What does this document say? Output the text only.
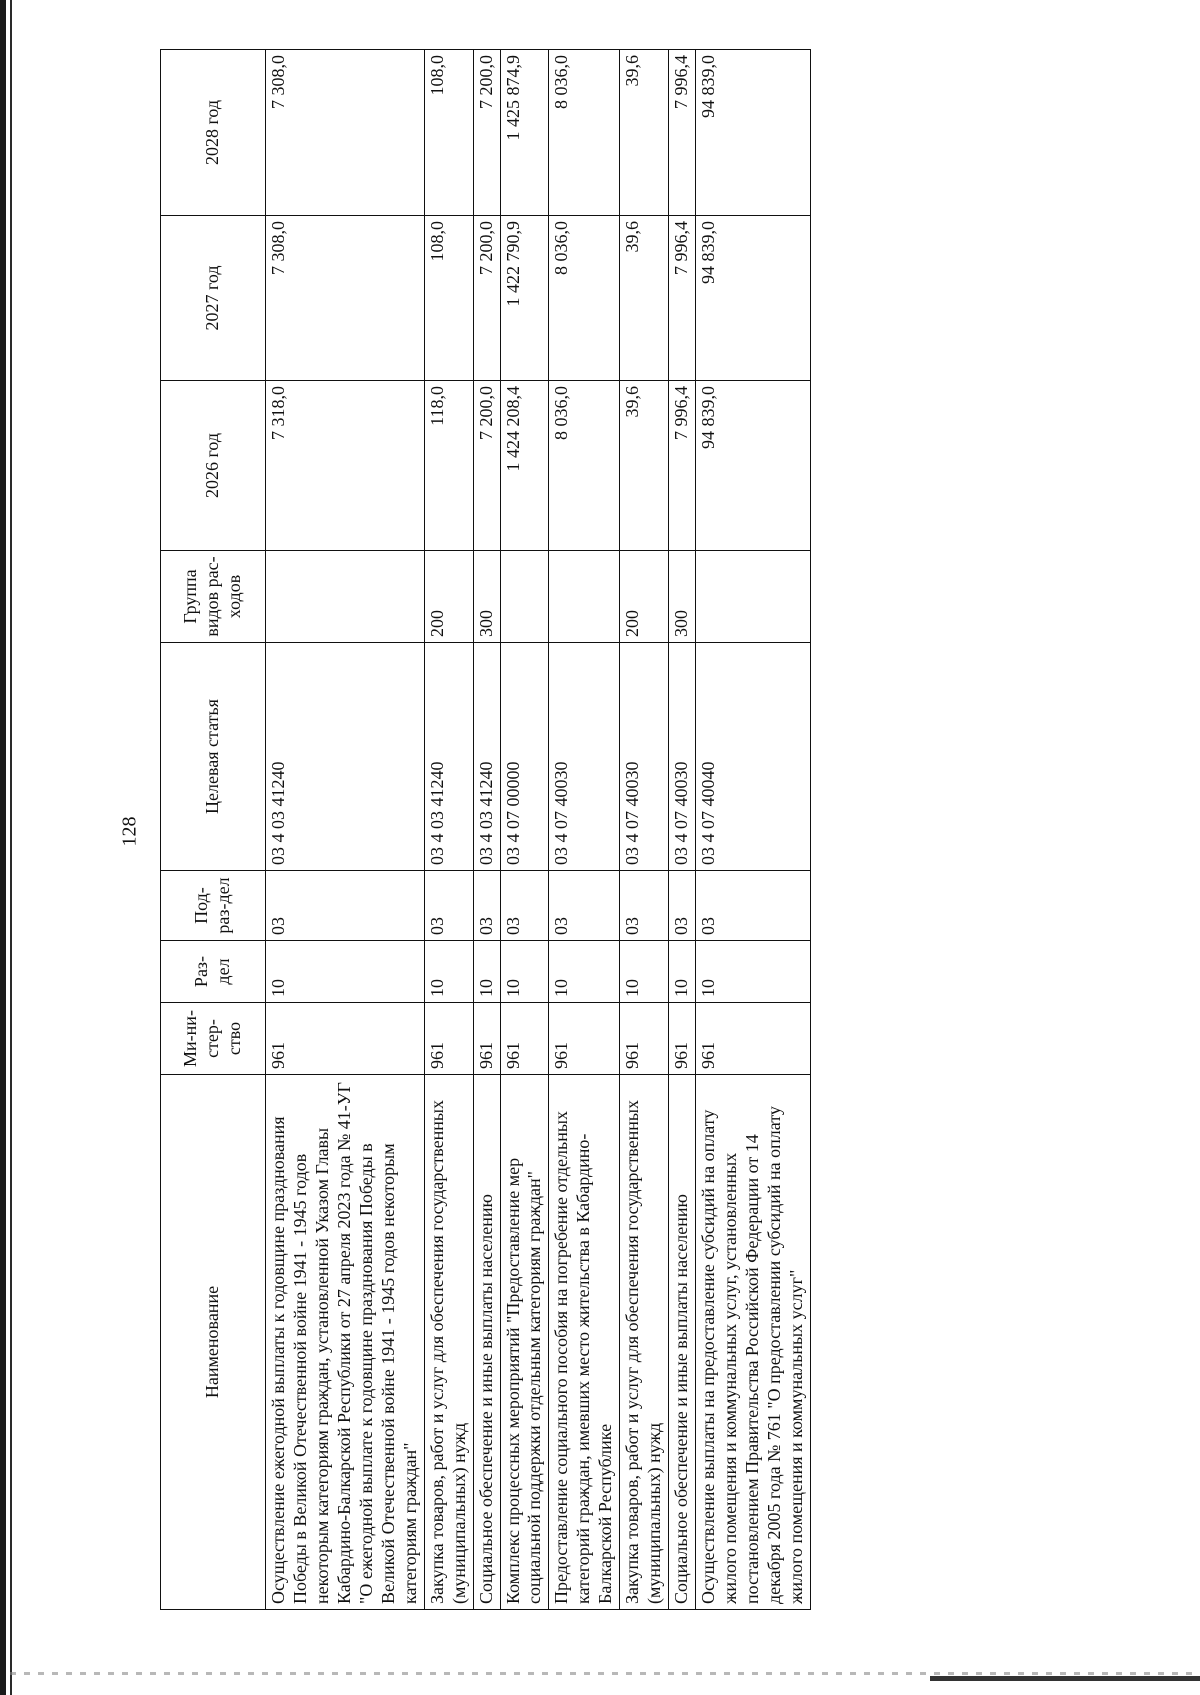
128
Наименование	Ми-ни-стер-ство	Раз-дел	Под-раз-дел	Целевая статья	Группа видов рас-ходов	2026 год	2027 год	2028 год
Осуществление ежегодной выплаты к годовщине празднования Победы в Великой Отечественной войне 1941 - 1945 годов некоторым категориям граждан, установленной Указом Главы Кабардино-Балкарской Республики от 27 апреля 2023 года № 41-УГ "О ежегодной выплате к годовщине празднования Победы в Великой Отечественной войне 1941 - 1945 годов некоторым категориям граждан"	961	10	03	03 4 03 41240		7 318,0	7 308,0	7 308,0
Закупка товаров, работ и услуг для обеспечения государственных (муниципальных) нужд	961	10	03	03 4 03 41240	200	118,0	108,0	108,0
Социальное обеспечение и иные выплаты населению	961	10	03	03 4 03 41240	300	7 200,0	7 200,0	7 200,0
Комплекс процессных мероприятий "Предоставление мер социальной поддержки отдельным категориям граждан"	961	10	03	03 4 07 00000		1 424 208,4	1 422 790,9	1 425 874,9
Предоставление социального пособия на погребение отдельных категорий граждан, имевших место жительства в Кабардино-Балкарской Республике	961	10	03	03 4 07 40030		8 036,0	8 036,0	8 036,0
Закупка товаров, работ и услуг для обеспечения государственных (муниципальных) нужд	961	10	03	03 4 07 40030	200	39,6	39,6	39,6
Социальное обеспечение и иные выплаты населению	961	10	03	03 4 07 40030	300	7 996,4	7 996,4	7 996,4
Осуществление выплаты на предоставление субсидий на оплату жилого помещения и коммунальных услуг, установленных постановлением Правительства Российской Федерации от 14 декабря 2005 года № 761 "О предоставлении субсидий на оплату жилого помещения и коммунальных услуг"	961	10	03	03 4 07 40040		94 839,0	94 839,0	94 839,0
